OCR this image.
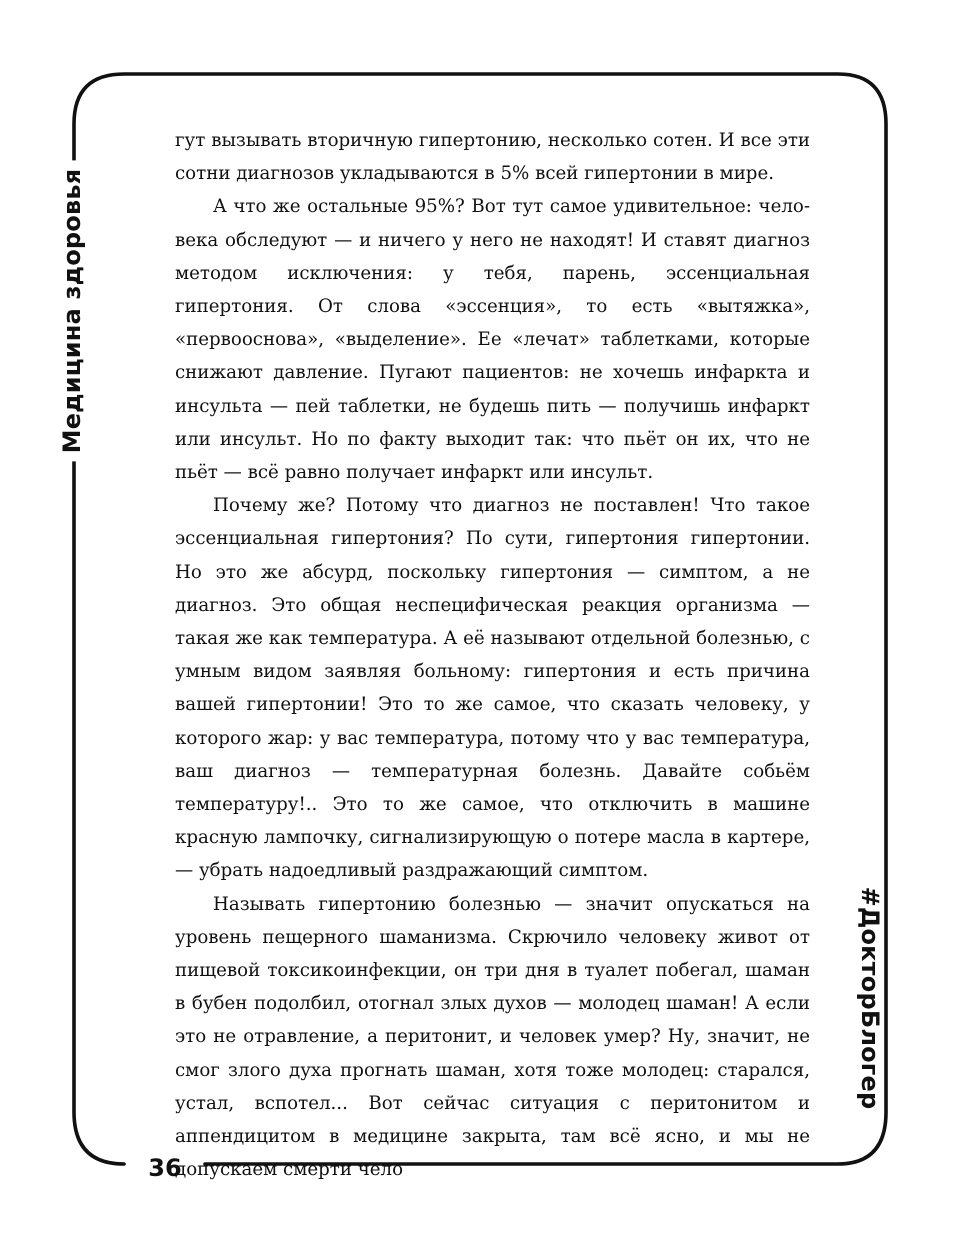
Медицина здоровья
#ДокторБлогер
36

гут вызывать вторичную гипертонию, несколько сотен. И все эти сотни диагнозов укладываются в 5% всей гипертонии в мире.

А что же остальные 95%? Вот тут самое удивительное: человека обследуют — и ничего у него не находят! И ставят диагноз методом исключения: у тебя, парень, эссенциальная гипертония. От слова «эссенция», то есть «вытяжка», «первооснова», «выделение». Ее «лечат» таблетками, которые снижают давление. Пугают пациентов: не хочешь инфаркта и инсульта — пей таблетки, не будешь пить — получишь инфаркт или инсульт. Но по факту выходит так: что пьёт он их, что не пьёт — всё равно получает инфаркт или инсульт.

Почему же? Потому что диагноз не поставлен! Что такое эссенциальная гипертония? По сути, гипертония гипертонии. Но это же абсурд, поскольку гипертония — симптом, а не диагноз. Это общая неспецифическая реакция организма — такая же как температура. А её называют отдельной болезнью, с умным видом заявляя больному: гипертония и есть причина вашей гипертонии! Это то же самое, что сказать человеку, у которого жар: у вас температура, потому что у вас температура, ваш диагноз — температурная болезнь. Давайте собьём температуру!.. Это то же самое, что отключить в машине красную лампочку, сигнализирующую о потере масла в картере, — убрать надоедливый раздражающий симптом.

Называть гипертонию болезнью — значит опускаться на уровень пещерного шаманизма. Скрючило человеку живот от пищевой токсикоинфекции, он три дня в туалет побегал, шаман в бубен подолбил, отогнал злых духов — молодец шаман! А если это не отравление, а перитонит, и человек умер? Ну, значит, не смог злого духа прогнать шаман, хотя тоже молодец: старался, устал, вспотел... Вот сейчас ситуация с перитонитом и аппендицитом в медицине закрыта, там всё ясно, и мы не допускаем смерти чело
